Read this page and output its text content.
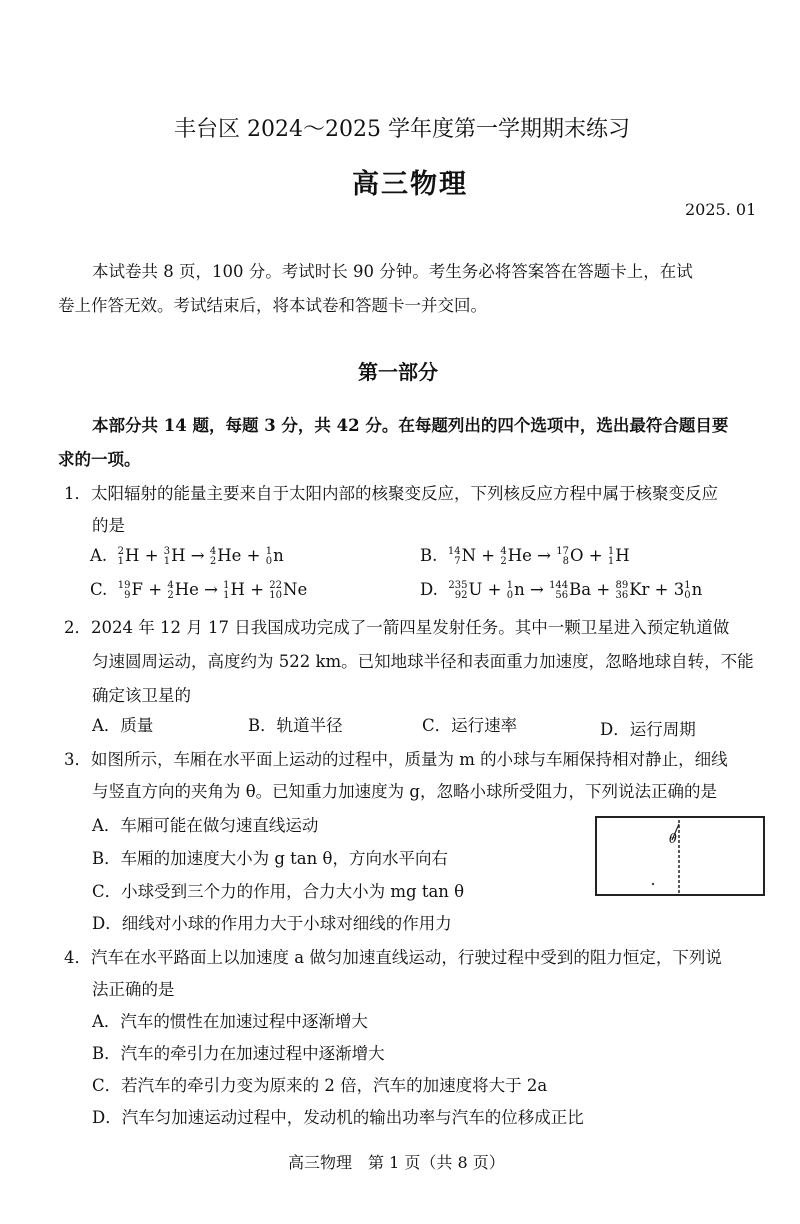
丰台区 2024～2025 学年度第一学期期末练习
高三物理
2025. 01
本试卷共 8 页，100 分。考试时长 90 分钟。考生务必将答案答在答题卡上，在试
卷上作答无效。考试结束后，将本试卷和答题卡一并交回。
第一部分
本部分共 14 题，每题 3 分，共 42 分。在每题列出的四个选项中，选出最符合题目要
求的一项。
1．太阳辐射的能量主要来自于太阳内部的核聚变反应，下列核反应方程中属于核聚变反应
的是
A. 2
1 H + 3
1 H → 4
2 He + 1
0 n	B. 14
7 N + 4
2 He → 17
8 O + 1
1 H
C. 19
9 F + 4
2 He → 1
1 H + 22
10 Ne	D. 235
92 U + 1
0 n → 144
56 Ba + 89
36 Kr + 3 1
0 n
2．2024 年 12 月 17 日我国成功完成了一箭四星发射任务。其中一颗卫星进入预定轨道做
匀速圆周运动，高度约为 522 km。已知地球半径和表面重力加速度，忽略地球自转，不能
确定该卫星的
A．质量	B．轨道半径	C．运行速率	D．运行周期
3．如图所示，车厢在水平面上运动的过程中，质量为 m 的小球与车厢保持相对静止，细线
与竖直方向的夹角为 θ。已知重力加速度为 g，忽略小球所受阻力，下列说法正确的是
A．车厢可能在做匀速直线运动
B．车厢的加速度大小为 g tan θ，方向水平向右
C．小球受到三个力的作用，合力大小为 mg tan θ
D．细线对小球的作用力大于小球对细线的作用力
θ
4．汽车在水平路面上以加速度 a 做匀加速直线运动，行驶过程中受到的阻力恒定，下列说
法正确的是
A．汽车的惯性在加速过程中逐渐增大
B．汽车的牵引力在加速过程中逐渐增大
C．若汽车的牵引力变为原来的 2 倍，汽车的加速度将大于 2a
D．汽车匀加速运动过程中，发动机的输出功率与汽车的位移成正比
高三物理　第 1 页（共 8 页）
